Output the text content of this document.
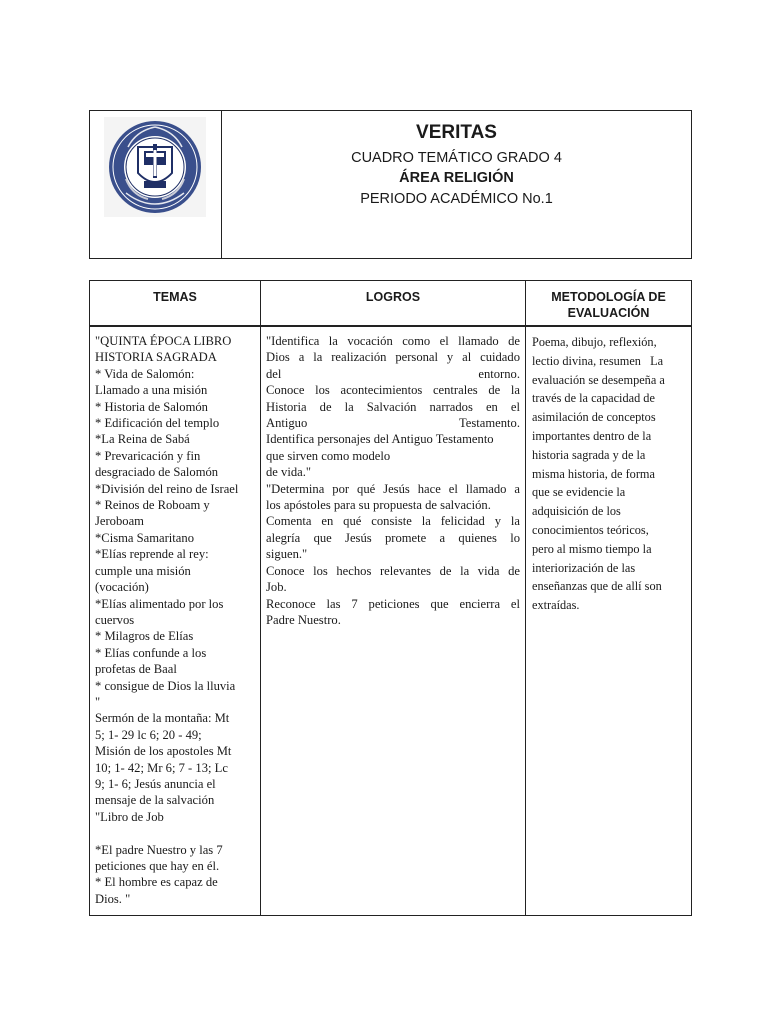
VERITAS
CUADRO TEMÁTICO GRADO 4
ÁREA RELIGIÓN
PERIODO ACADÉMICO No.1
TEMAS
"QUINTA ÉPOCA LIBRO
HISTORIA SAGRADA
* Vida de Salomón:
Llamado a una misión
* Historia de Salomón
* Edificación del templo
*La Reina de Sabá
* Prevaricación y fin
desgraciado de Salomón
*División del reino de Israel
* Reinos de Roboam y
Jeroboam
*Cisma Samaritano
*Elías reprende al rey:
cumple una misión
(vocación)
*Elías alimentado por los
cuervos
* Milagros de Elías
* Elías confunde a los
profetas de Baal
* consigue de Dios la lluvia
"
Sermón de la montaña: Mt
5; 1- 29 lc 6; 20 - 49;
Misión de los apostoles Mt
10; 1- 42; Mr 6; 7 - 13; Lc
9; 1- 6; Jesús anuncia el
mensaje de la salvación
"Libro de Job

*El padre Nuestro y las 7
peticiones que hay en él.
* El hombre es capaz de
Dios. "
LOGROS
"Identifica la vocación como el llamado de
Dios a la realización personal y al cuidado
del entorno.
Conoce los acontecimientos centrales de la
Historia de la Salvación narrados en el
Antiguo Testamento.
Identifica personajes del Antiguo Testamento
que sirven como modelo
de vida."
"Determina por qué Jesús hace el llamado a
los apóstoles para su propuesta de salvación.
Comenta en qué consiste la felicidad y la
alegría que Jesús promete a quienes lo
siguen."
Conoce los hechos relevantes de la vida de
Job.
Reconoce las 7 peticiones que encierra el
Padre Nuestro.
METODOLOGÍA DE
EVALUACIÓN
Poema, dibujo, reflexión,
lectio divina, resumen   La
evaluación se desempeña a
través de la capacidad de
asimilación de conceptos
importantes dentro de la
historia sagrada y de la
misma historia, de forma
que se evidencie la
adquisición de los
conocimientos teóricos,
pero al mismo tiempo la
interiorización de las
enseñanzas que de allí son
extraídas.
